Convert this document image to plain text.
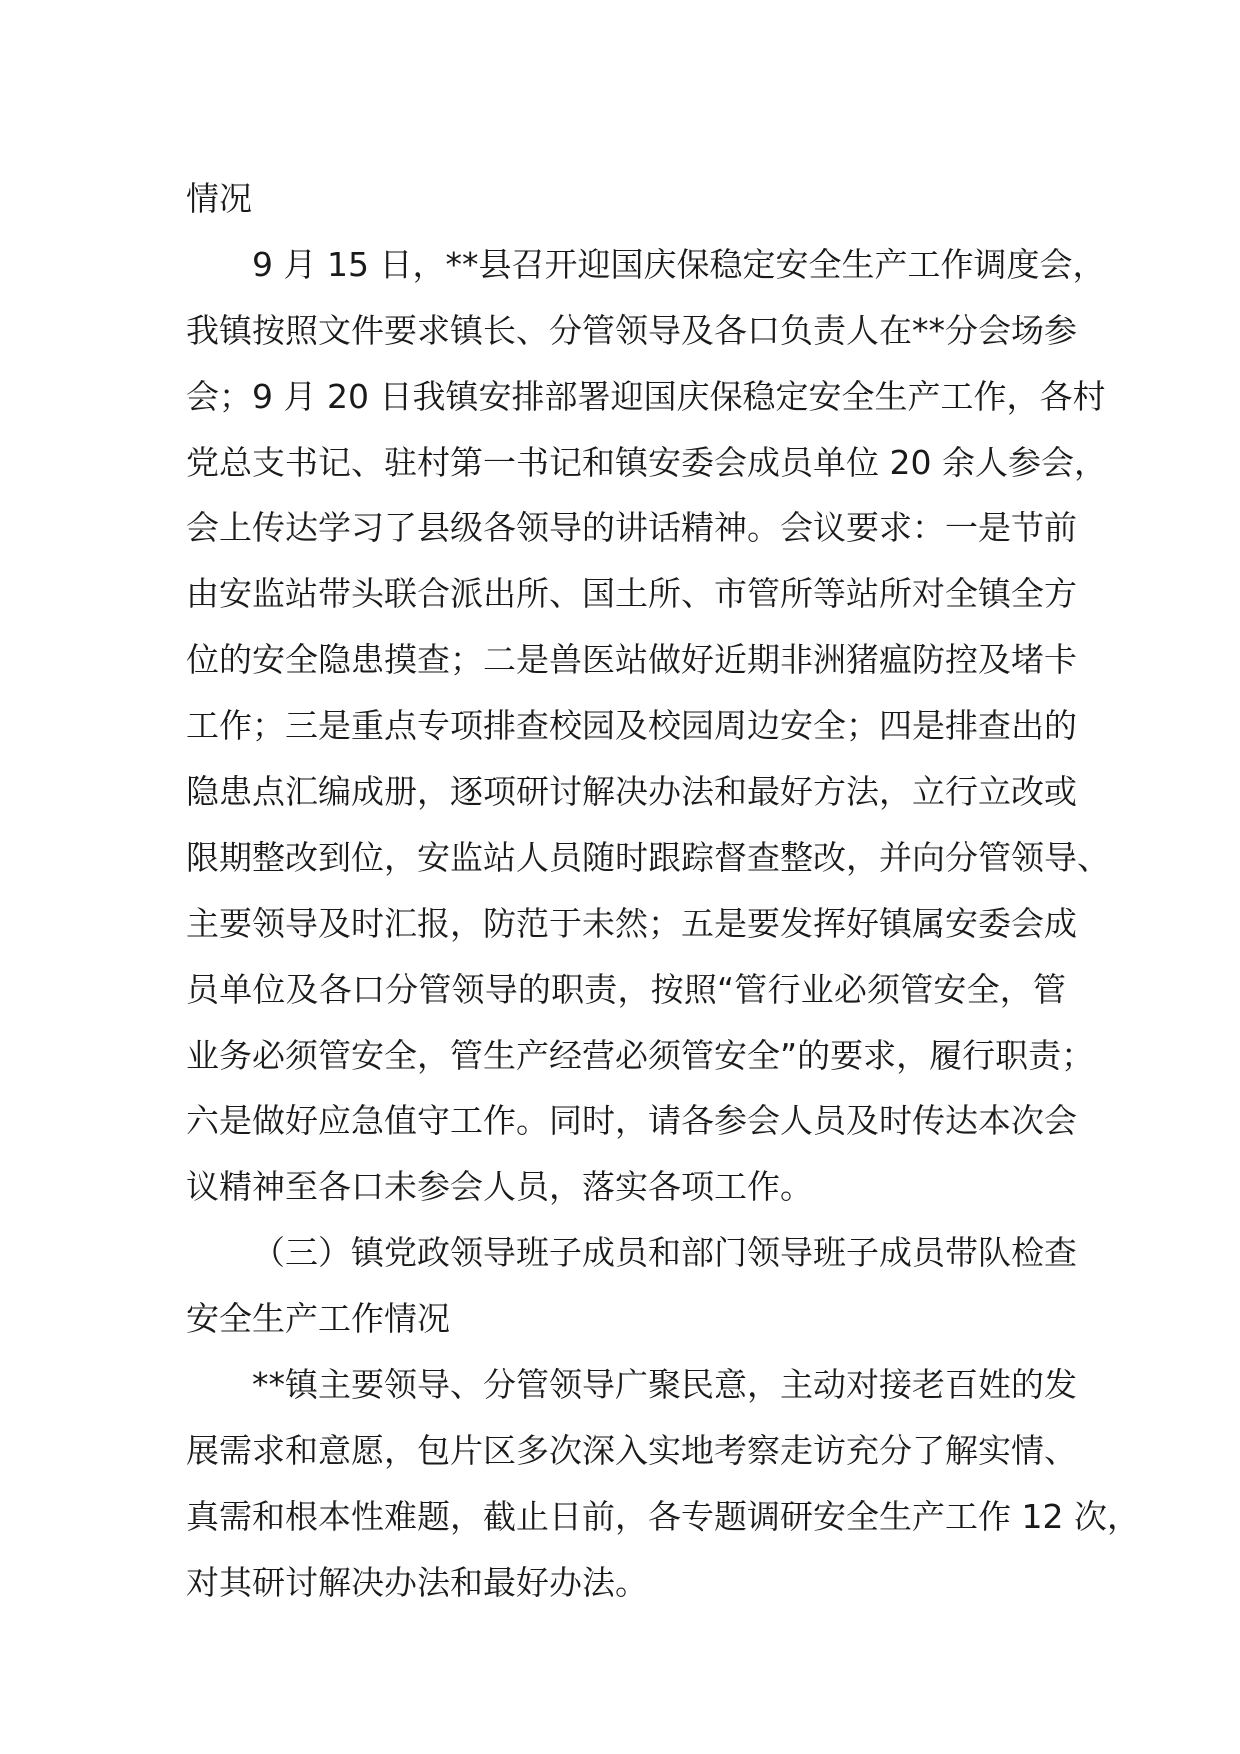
情况
9 月 15 日，**县召开迎国庆保稳定安全生产工作调度会，
我镇按照文件要求镇长、分管领导及各口负责人在**分会场参
会；9 月 20 日我镇安排部署迎国庆保稳定安全生产工作，各村
党总支书记、驻村第一书记和镇安委会成员单位 20 余人参会，
会上传达学习了县级各领导的讲话精神。会议要求：一是节前
由安监站带头联合派出所、国土所、市管所等站所对全镇全方
位的安全隐患摸查；二是兽医站做好近期非洲猪瘟防控及堵卡
工作；三是重点专项排查校园及校园周边安全；四是排查出的
隐患点汇编成册，逐项研讨解决办法和最好方法，立行立改或
限期整改到位，安监站人员随时跟踪督查整改，并向分管领导、
主要领导及时汇报，防范于未然；五是要发挥好镇属安委会成
员单位及各口分管领导的职责，按照“管行业必须管安全，管
业务必须管安全，管生产经营必须管安全”的要求，履行职责；
六是做好应急值守工作。同时，请各参会人员及时传达本次会
议精神至各口未参会人员，落实各项工作。
（三）镇党政领导班子成员和部门领导班子成员带队检查
安全生产工作情况
**镇主要领导、分管领导广聚民意，主动对接老百姓的发
展需求和意愿，包片区多次深入实地考察走访充分了解实情、
真需和根本性难题，截止日前，各专题调研安全生产工作 12 次，
对其研讨解决办法和最好办法。
